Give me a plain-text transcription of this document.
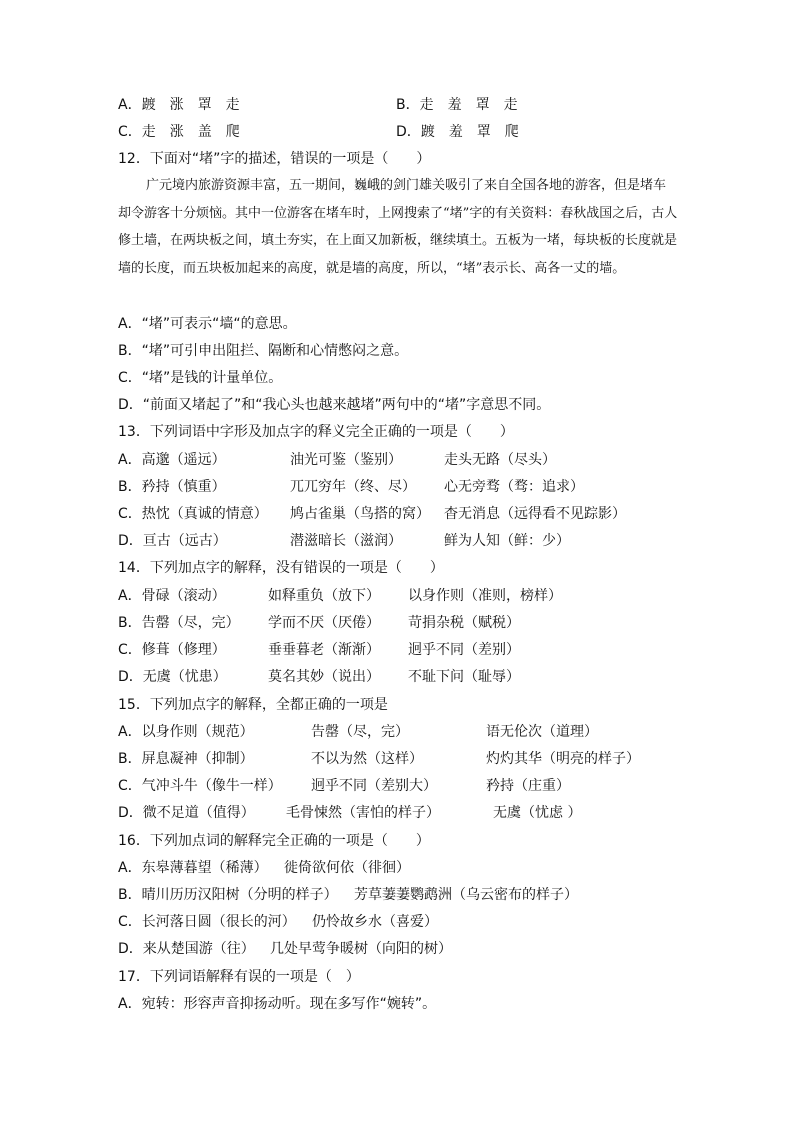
A．踱　涨　罩　走	B．走　羞　罩　走
C．走　涨　盖　爬	D．踱　羞　罩　爬
12．下面对“堵”字的描述，错误的一项是（　　）
广元境内旅游资源丰富，五一期间，巍峨的剑门雄关吸引了来自全国各地的游客，但是堵车却令游客十分烦恼。其中一位游客在堵车时，上网搜索了“堵”字的有关资料：春秋战国之后，古人修土墙，在两块板之间，填土夯实，在上面又加新板，继续填土。五板为一堵，每块板的长度就是墙的长度，而五块板加起来的高度，就是墙的高度，所以，“堵”表示长、高各一丈的墙。
A．“堵”可表示“墙“的意思。
B．“堵”可引申出阻拦、隔断和心情憋闷之意。
C．“堵”是钱的计量单位。
D．“前面又堵起了”和“我心头也越来越堵”两句中的“堵”字意思不同。
13．下列词语中字形及加点字的释义完全正确的一项是（　　）
A．高邈（遥远）	油光可鉴（鉴别）	走头无路（尽头）
B．矜持（慎重）	兀兀穷年（终、尽） 心无旁骛（骛：追求）
C．热忱（真诚的情意） 鸠占雀巢（鸟搭的窝） 杳无消息（远得看不见踪影）
D．亘古（远古）	潜滋暗长（滋润）	鲜为人知（鲜：少）
14．下列加点字的解释，没有错误的一项是（　　）
A．骨碌（滚动）	如释重负（放下） 以身作则（准则，榜样）
B．告罄（尽，完） 学而不厌（厌倦） 苛捐杂税（赋税）
C．修葺（修理）	垂垂暮老（渐渐） 迥乎不同（差别）
D．无虞（忧患）	莫名其妙（说出） 不耻下问（耻辱）
15．下列加点字的解释，全都正确的一项是
A．以身作则（规范）	告罄（尽，完）	语无伦次（道理）
B．屏息凝神（抑制）	不以为然（这样）	灼灼其华（明亮的样子）
C．气冲斗牛（像牛一样） 迥乎不同（差别大）	矜持（庄重）
D．微不足道（值得） 毛骨悚然（害怕的样子）	无虞（忧虑 ）
16．下列加点词的解释完全正确的一项是（　　）
A．东皋薄暮望（稀薄） 徙倚欲何依（徘徊）
B．晴川历历汉阳树（分明的样子） 芳草萋萋鹦鹉洲（乌云密布的样子）
C．长河落日圆（很长的河） 仍怜故乡水（喜爱）
D．来从楚国游（往） 几处早莺争暖树（向阳的树）
17．下列词语解释有误的一项是（　）
A．宛转：形容声音抑扬动听。现在多写作“婉转”。
